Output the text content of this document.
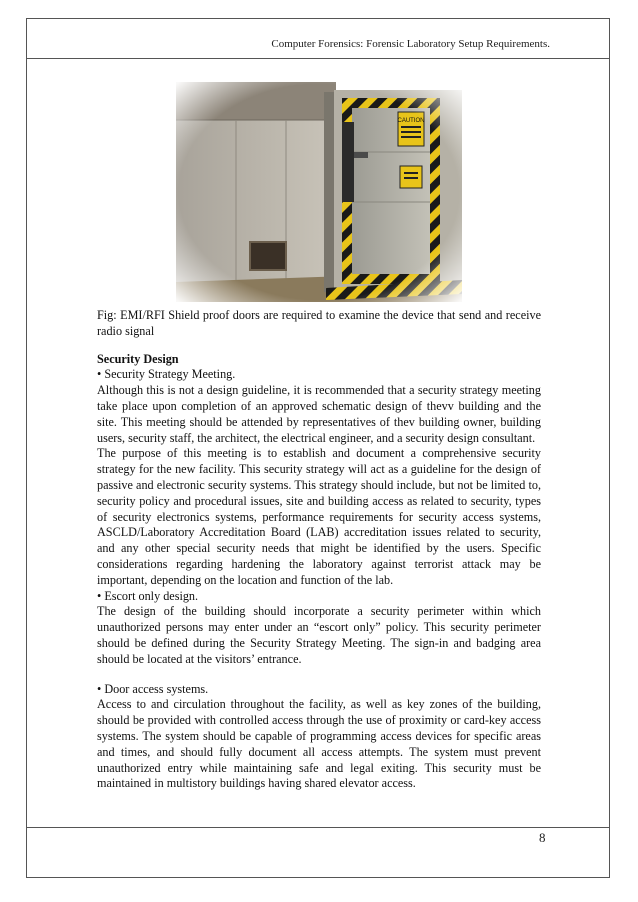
Computer Forensics: Forensic Laboratory Setup Requirements.

Fig: EMI/RFI Shield proof doors are required to examine the device that send and receive radio signal

Security Design

• Security Strategy Meeting.

Although this is not a design guideline, it is recommended that a security strategy meeting take place upon completion of an approved schematic design of thevv building and the site. This meeting should be attended by representatives of thev building owner, building users, security staff, the architect, the electrical engineer, and a security design consultant.

The purpose of this meeting is to establish and document a comprehensive security strategy for the new facility. This security strategy will act as a guideline for the design of passive and electronic security systems. This strategy should include, but not be limited to, security policy and procedural issues, site and building access as related to security, types of security electronics systems, performance requirements for security access systems, ASCLD/Laboratory Accreditation Board (LAB) accreditation issues related to security, and any other special security needs that might be identified by the users. Specific considerations regarding hardening the laboratory against terrorist attack may be important, depending on the location and function of the lab.

• Escort only design.

The design of the building should incorporate a security perimeter within which unauthorized persons may enter under an “escort only” policy. This security perimeter should be defined during the Security Strategy Meeting. The sign-in and badging area should be located at the visitors’ entrance.

• Door access systems.

Access to and circulation throughout the facility, as well as key zones of the building, should be provided with controlled access through the use of proximity or card-key access systems. The system should be capable of programming access devices for specific areas and times, and should fully document all access attempts. The system must prevent unauthorized entry while maintaining safe and legal exiting. This security must be maintained in multistory buildings having shared elevator access.

8
